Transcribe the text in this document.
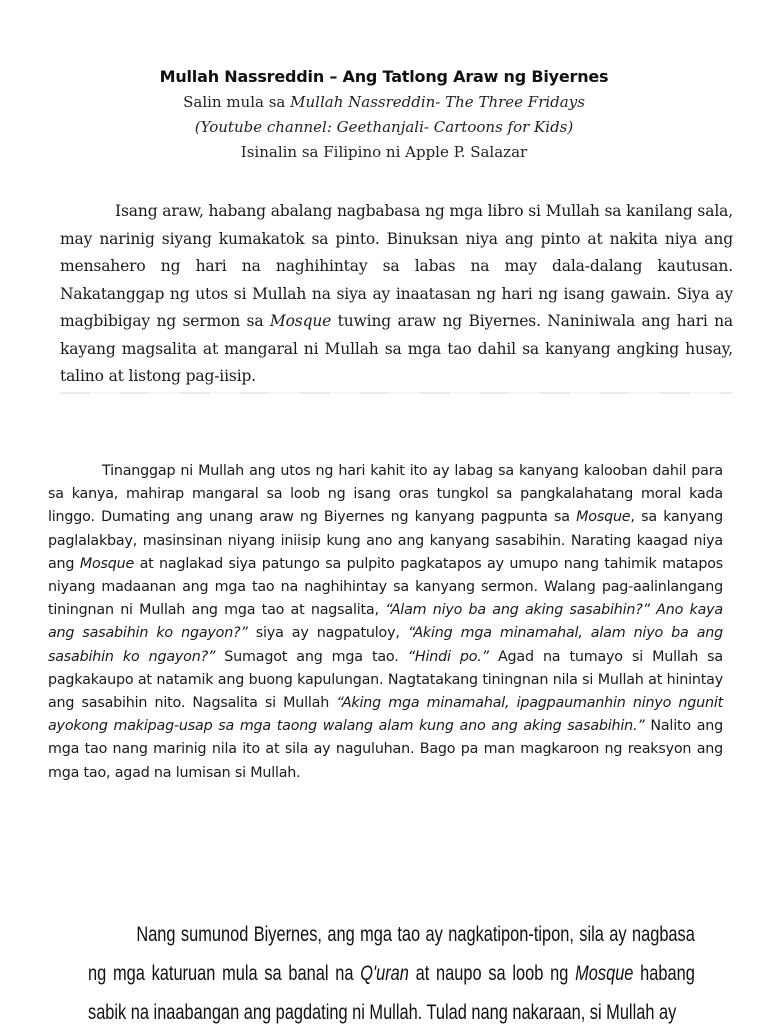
Mullah Nassreddin – Ang Tatlong Araw ng Biyernes
Salin mula sa Mullah Nassreddin- The Three Fridays
(Youtube channel: Geethanjali- Cartoons for Kids)
Isinalin sa Filipino ni Apple P. Salazar
Isang araw, habang abalang nagbabasa ng mga libro si Mullah sa kanilang sala, may narinig siyang kumakatok sa pinto. Binuksan niya ang pinto at nakita niya ang mensahero ng hari na naghihintay sa labas na may dala-dalang kautusan. Nakatanggap ng utos si Mullah na siya ay inaatasan ng hari ng isang gawain. Siya ay magbibigay ng sermon sa Mosque tuwing araw ng Biyernes. Naniniwala ang hari na kayang magsalita at mangaral ni Mullah sa mga tao dahil sa kanyang angking husay, talino at listong pag-iisip.
Tinanggap ni Mullah ang utos ng hari kahit ito ay labag sa kanyang kalooban dahil para sa kanya, mahirap mangaral sa loob ng isang oras tungkol sa pangkalahatang moral kada linggo. Dumating ang unang araw ng Biyernes ng kanyang pagpunta sa Mosque, sa kanyang paglalakbay, masinsinan niyang iniisip kung ano ang kanyang sasabihin. Narating kaagad niya ang Mosque at naglakad siya patungo sa pulpito pagkatapos ay umupo nang tahimik matapos niyang madaanan ang mga tao na naghihintay sa kanyang sermon. Walang pag-aalinlangang tiningnan ni Mullah ang mga tao at nagsalita, “Alam niyo ba ang aking sasabihin?” Ano kaya ang sasabihin ko ngayon?” siya ay nagpatuloy, “Aking mga minamahal, alam niyo ba ang sasabihin ko ngayon?” Sumagot ang mga tao. “Hindi po.” Agad na tumayo si Mullah sa pagkakaupo at natamik ang buong kapulungan. Nagtatakang tiningnan nila si Mullah at hinintay ang sasabihin nito. Nagsalita si Mullah “Aking mga minamahal, ipagpaumanhin ninyo ngunit ayokong makipag-usap sa mga taong walang alam kung ano ang aking sasabihin.” Nalito ang mga tao nang marinig nila ito at sila ay naguluhan. Bago pa man magkaroon ng reaksyon ang mga tao, agad na lumisan si Mullah.
Nang sumunod Biyernes, ang mga tao ay nagkatipon-tipon, sila ay nagbasa ng mga katuruan mula sa banal na Q'uran at naupo sa loob ng Mosque habang sabik na inaabangan ang pagdating ni Mullah. Tulad nang nakaraan, si Mullah ay
